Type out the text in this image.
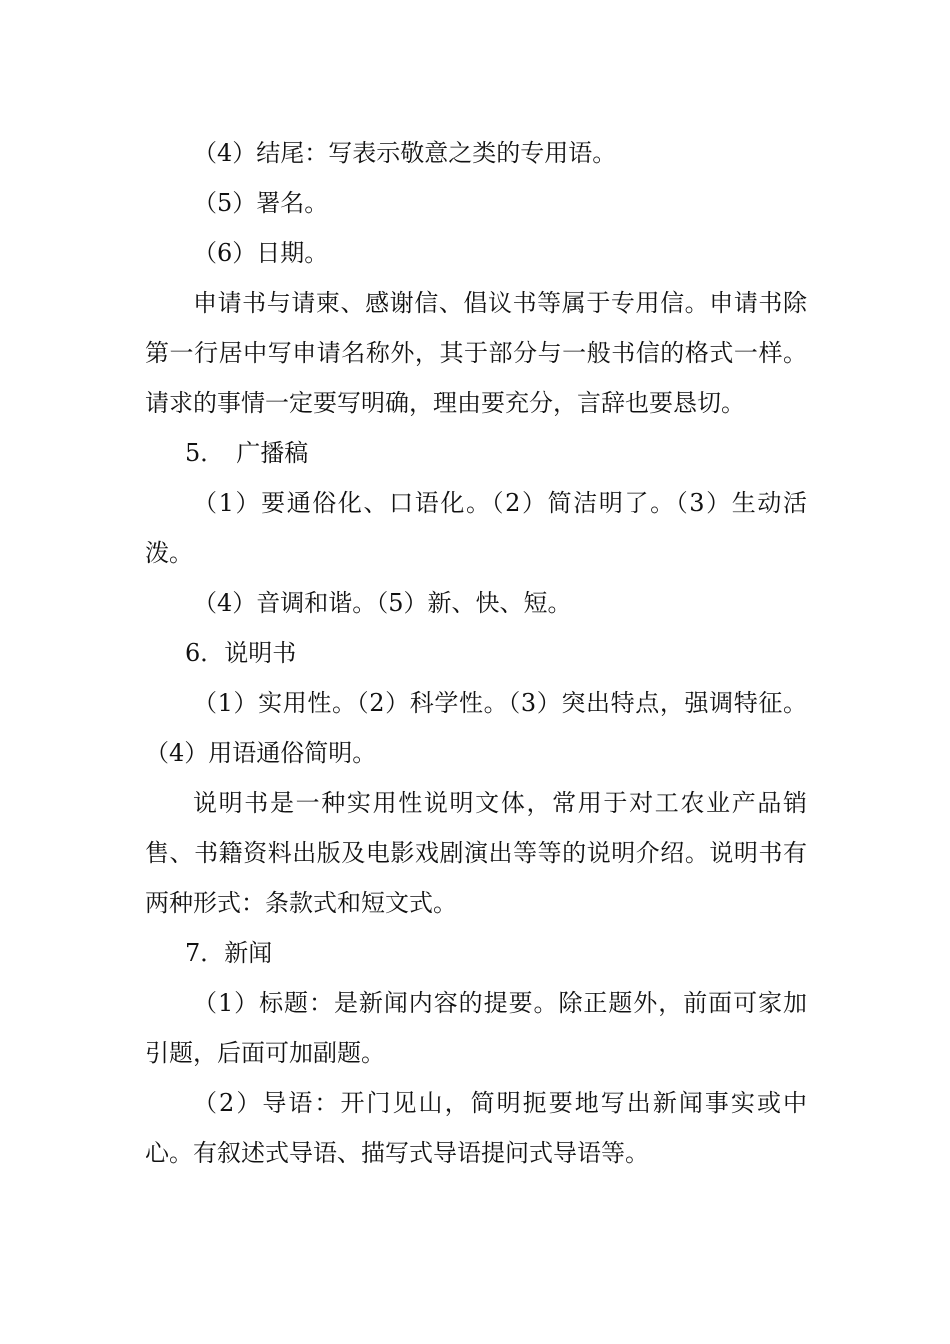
（4）结尾：写表示敬意之类的专用语。

（5）署名。

（6）日期。

申请书与请柬、感谢信、倡议书等属于专用信。申请书除第一行居中写申请名称外，其于部分与一般书信的格式一样。请求的事情一定要写明确，理由要充分，言辞也要恳切。

5．　广播稿

（1）要通俗化、口语化。（2）简洁明了。（3）生动活泼。

（4）音调和谐。（5）新、快、短。

6．说明书

（1）实用性。（2）科学性。（3）突出特点，强调特征。（4）用语通俗简明。

说明书是一种实用性说明文体，常用于对工农业产品销售、书籍资料出版及电影戏剧演出等等的说明介绍。说明书有两种形式：条款式和短文式。

7．新闻

（1）标题：是新闻内容的提要。除正题外，前面可家加引题，后面可加副题。

（2）导语：开门见山，简明扼要地写出新闻事实或中心。有叙述式导语、描写式导语提问式导语等。
